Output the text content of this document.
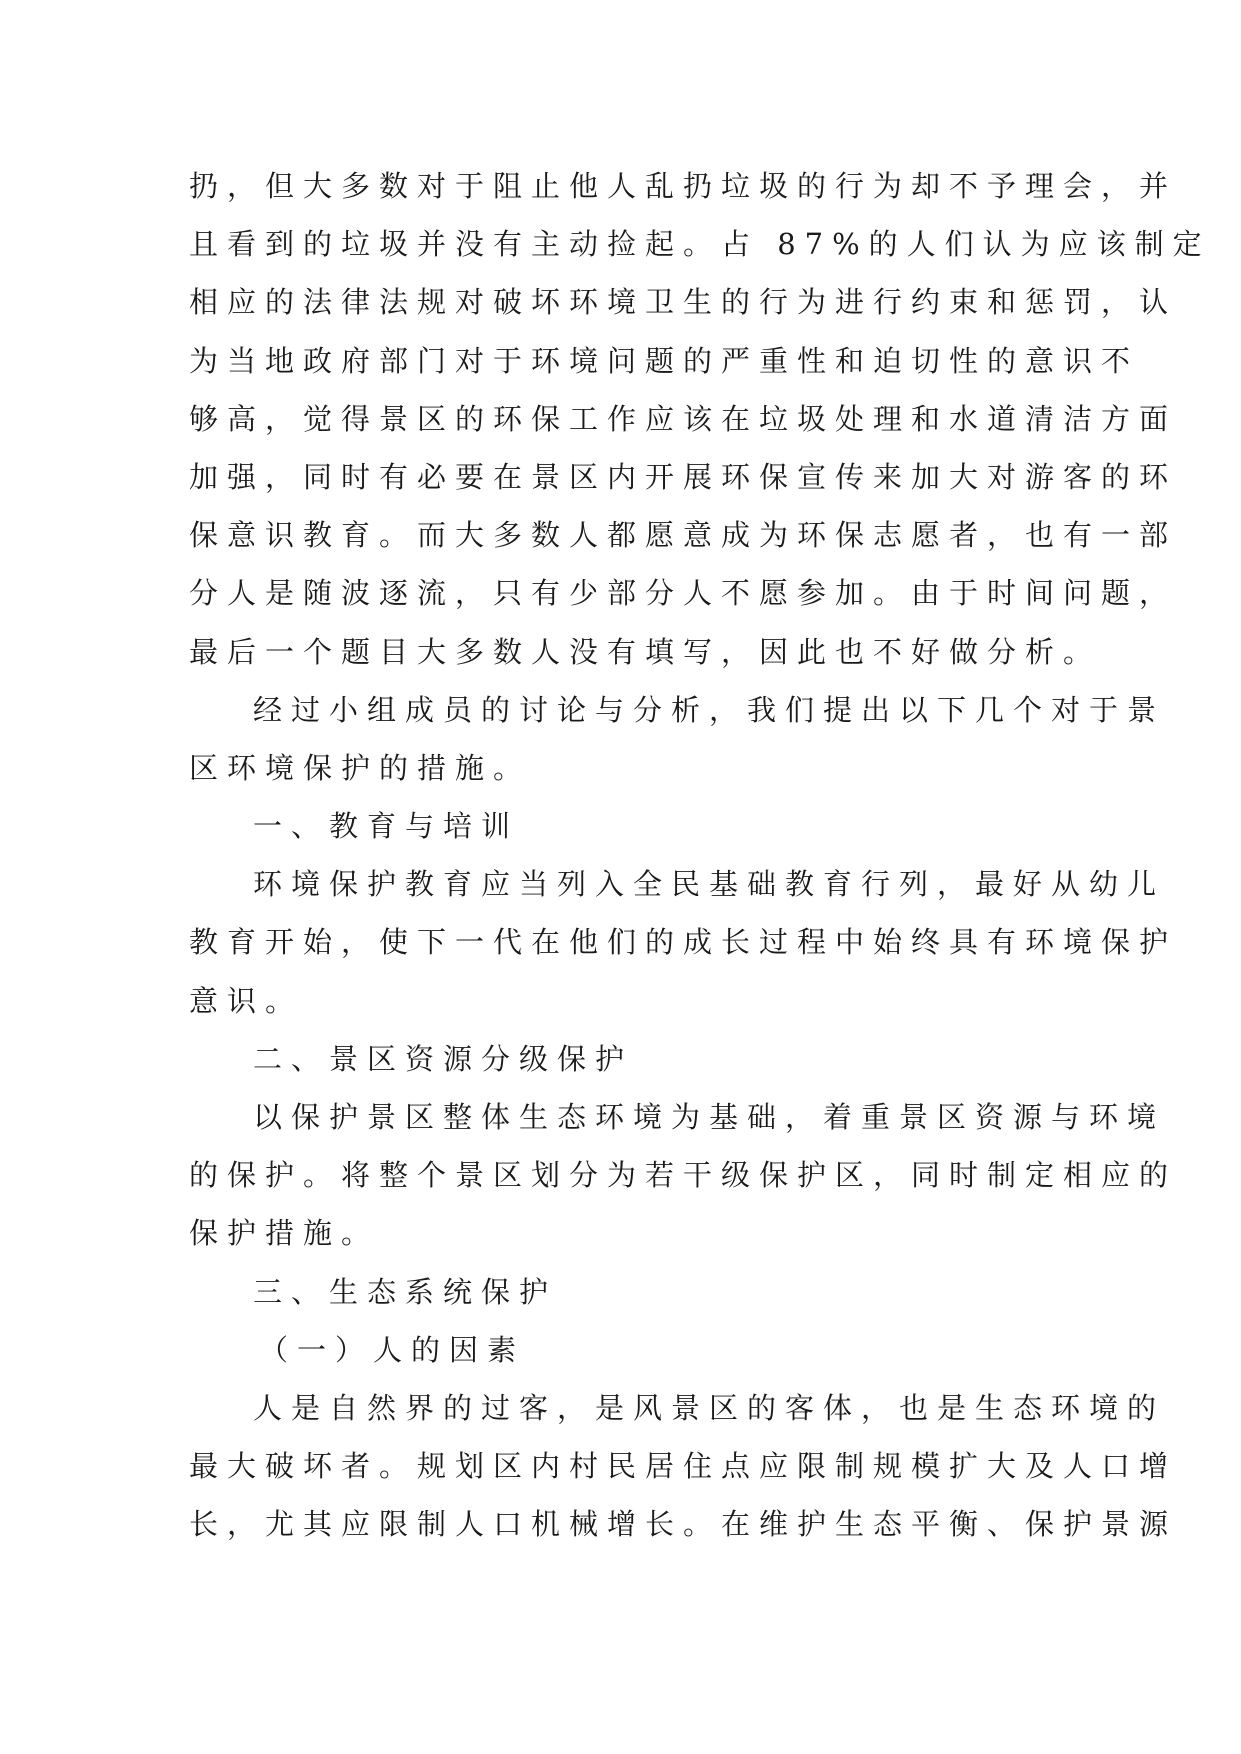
扔，但大多数对于阻止他人乱扔垃圾的行为却不予理会，并
且看到的垃圾并没有主动捡起。占 87%的人们认为应该制定
相应的法律法规对破坏环境卫生的行为进行约束和惩罚，认
为当地政府部门对于环境问题的严重性和迫切性的意识不
够高，觉得景区的环保工作应该在垃圾处理和水道清洁方面
加强，同时有必要在景区内开展环保宣传来加大对游客的环
保意识教育。而大多数人都愿意成为环保志愿者，也有一部
分人是随波逐流，只有少部分人不愿参加。由于时间问题，
最后一个题目大多数人没有填写，因此也不好做分析。
经过小组成员的讨论与分析，我们提出以下几个对于景
区环境保护的措施。
一、教育与培训
环境保护教育应当列入全民基础教育行列，最好从幼儿
教育开始，使下一代在他们的成长过程中始终具有环境保护
意识。
二、景区资源分级保护
以保护景区整体生态环境为基础，着重景区资源与环境
的保护。将整个景区划分为若干级保护区，同时制定相应的
保护措施。
三、生态系统保护
（一）人的因素
人是自然界的过客，是风景区的客体，也是生态环境的
最大破坏者。规划区内村民居住点应限制规模扩大及人口增
长，尤其应限制人口机械增长。在维护生态平衡、保护景源
